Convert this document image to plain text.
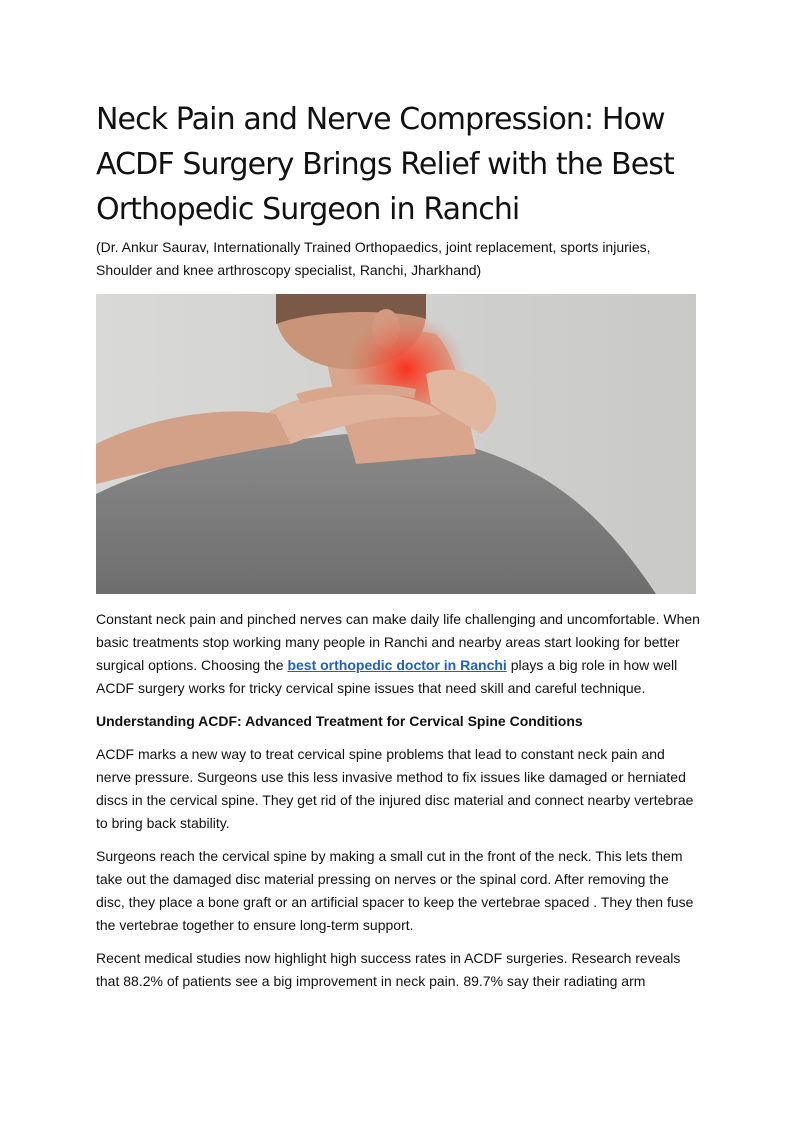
Neck Pain and Nerve Compression: How ACDF Surgery Brings Relief with the Best Orthopedic Surgeon in Ranchi
(Dr. Ankur Saurav, Internationally Trained Orthopaedics, joint replacement, sports injuries, Shoulder and knee arthroscopy specialist, Ranchi, Jharkhand)

Constant neck pain and pinched nerves can make daily life challenging and uncomfortable. When basic treatments stop working many people in Ranchi and nearby areas start looking for better surgical options. Choosing the best orthopedic doctor in Ranchi plays a big role in how well ACDF surgery works for tricky cervical spine issues that need skill and careful technique.

Understanding ACDF: Advanced Treatment for Cervical Spine Conditions

ACDF marks a new way to treat cervical spine problems that lead to constant neck pain and nerve pressure. Surgeons use this less invasive method to fix issues like damaged or herniated discs in the cervical spine. They get rid of the injured disc material and connect nearby vertebrae to bring back stability.

Surgeons reach the cervical spine by making a small cut in the front of the neck. This lets them take out the damaged disc material pressing on nerves or the spinal cord. After removing the disc, they place a bone graft or an artificial spacer to keep the vertebrae spaced . They then fuse the vertebrae together to ensure long-term support.

Recent medical studies now highlight high success rates in ACDF surgeries. Research reveals that 88.2% of patients see a big improvement in neck pain. 89.7% say their radiating arm
